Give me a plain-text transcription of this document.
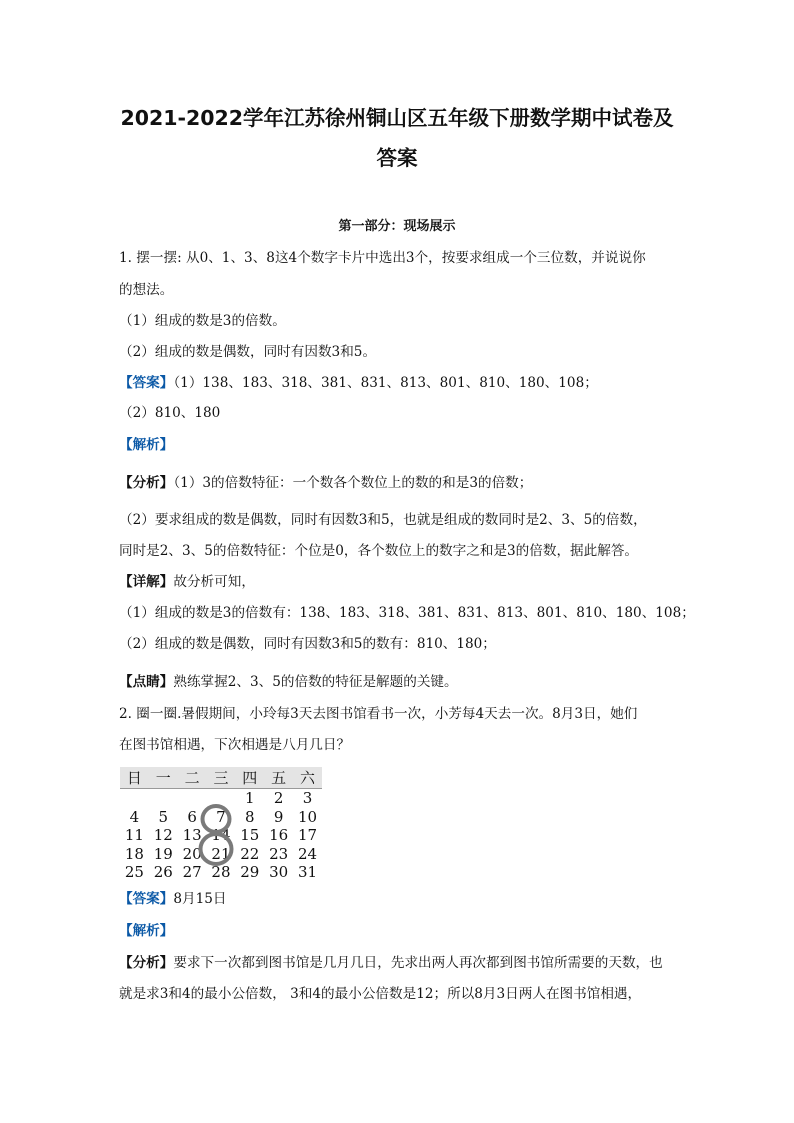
2021-2022学年江苏徐州铜山区五年级下册数学期中试卷及
答案
第一部分：现场展示
1. 摆一摆: 从0、1、3、8这4个数字卡片中选出3个，按要求组成一个三位数，并说说你
的想法。
（1）组成的数是3的倍数。
（2）组成的数是偶数，同时有因数3和5。
【答案】（1）138、183、318、381、831、813、801、810、180、108；
（2）810、180
【解析】
【分析】（1）3的倍数特征：一个数各个数位上的数的和是3的倍数；
（2）要求组成的数是偶数，同时有因数3和5，也就是组成的数同时是2、3、5的倍数，
同时是2、3、5的倍数特征：个位是0，各个数位上的数字之和是3的倍数，据此解答。
【详解】故分析可知，
（1）组成的数是3的倍数有：138、183、318、381、831、813、801、810、180、108；
（2）组成的数是偶数，同时有因数3和5的数有：810、180；
【点睛】熟练掌握2、3、5的倍数的特征是解题的关键。
2. 圈一圈.暑假期间，小玲每3天去图书馆看书一次，小芳每4天去一次。8月3日，她们
在图书馆相遇，下次相遇是八月几日？
日	一	二	三	四	五	六
				1	2	3
4	5	6	7	8	9	10
11	12	13	14	15	16	17
18	19	20	21	22	23	24
25	26	27	28	29	30	31
【答案】8月15日
【解析】
【分析】要求下一次都到图书馆是几月几日，先求出两人再次都到图书馆所需要的天数，也
就是求3和4的最小公倍数， 3和4的最小公倍数是12；所以8月3日两人在图书馆相遇，
